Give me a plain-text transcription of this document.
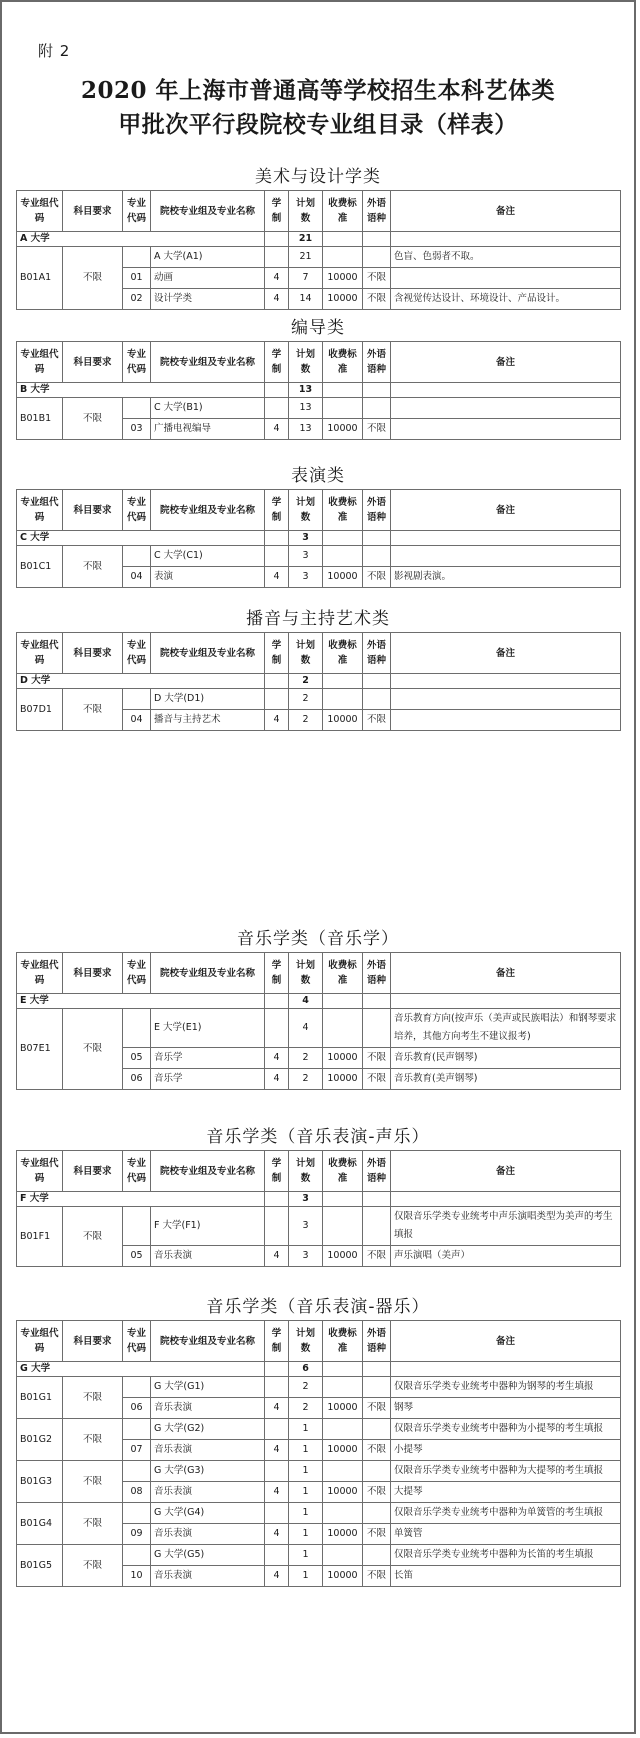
附 2
2020 年上海市普通高等学校招生本科艺体类
甲批次平行段院校专业组目录（样表）
美术与设计学类
专业组代码	科目要求	专业代码	院校专业组及专业名称	学制	计划数	收费标准	外语语种	备注
A 大学					21			
B01A1	不限		A 大学(A1)		21			色盲、色弱者不取。
		01	动画	4	7	10000	不限	
		02	设计学类	4	14	10000	不限	含视觉传达设计、环境设计、产品设计。
编导类
专业组代码	科目要求	专业代码	院校专业组及专业名称	学制	计划数	收费标准	外语语种	备注
B 大学					13			
B01B1	不限		C 大学(B1)		13			
		03	广播电视编导	4	13	10000	不限	
表演类
专业组代码	科目要求	专业代码	院校专业组及专业名称	学制	计划数	收费标准	外语语种	备注
C 大学					3			
B01C1	不限		C 大学(C1)		3			
		04	表演	4	3	10000	不限	影视剧表演。
播音与主持艺术类
专业组代码	科目要求	专业代码	院校专业组及专业名称	学制	计划数	收费标准	外语语种	备注
D 大学					2			
B07D1	不限		D 大学(D1)		2			
		04	播音与主持艺术	4	2	10000	不限	
音乐学类（音乐学）
专业组代码	科目要求	专业代码	院校专业组及专业名称	学制	计划数	收费标准	外语语种	备注
E 大学					4			
B07E1	不限		E 大学(E1)		4			音乐教育方向(按声乐（美声或民族唱法）和钢琴要求培养，其他方向考生不建议报考)
		05	音乐学	4	2	10000	不限	音乐教育(民声钢琴)
		06	音乐学	4	2	10000	不限	音乐教育(美声钢琴)
音乐学类（音乐表演-声乐）
专业组代码	科目要求	专业代码	院校专业组及专业名称	学制	计划数	收费标准	外语语种	备注
F 大学					3			
B01F1	不限		F 大学(F1)		3			仅限音乐学类专业统考中声乐演唱类型为美声的考生填报
		05	音乐表演	4	3	10000	不限	声乐演唱（美声）
音乐学类（音乐表演-器乐）
专业组代码	科目要求	专业代码	院校专业组及专业名称	学制	计划数	收费标准	外语语种	备注
G 大学					6			
B01G1	不限		G 大学(G1)		2			仅限音乐学类专业统考中器种为钢琴的考生填报
		06	音乐表演	4	2	10000	不限	钢琴
B01G2	不限		G 大学(G2)		1			仅限音乐学类专业统考中器种为小提琴的考生填报
		07	音乐表演	4	1	10000	不限	小提琴
B01G3	不限		G 大学(G3)		1			仅限音乐学类专业统考中器种为大提琴的考生填报
		08	音乐表演	4	1	10000	不限	大提琴
B01G4	不限		G 大学(G4)		1			仅限音乐学类专业统考中器种为单簧管的考生填报
		09	音乐表演	4	1	10000	不限	单簧管
B01G5	不限		G 大学(G5)		1			仅限音乐学类专业统考中器种为长笛的考生填报
		10	音乐表演	4	1	10000	不限	长笛
